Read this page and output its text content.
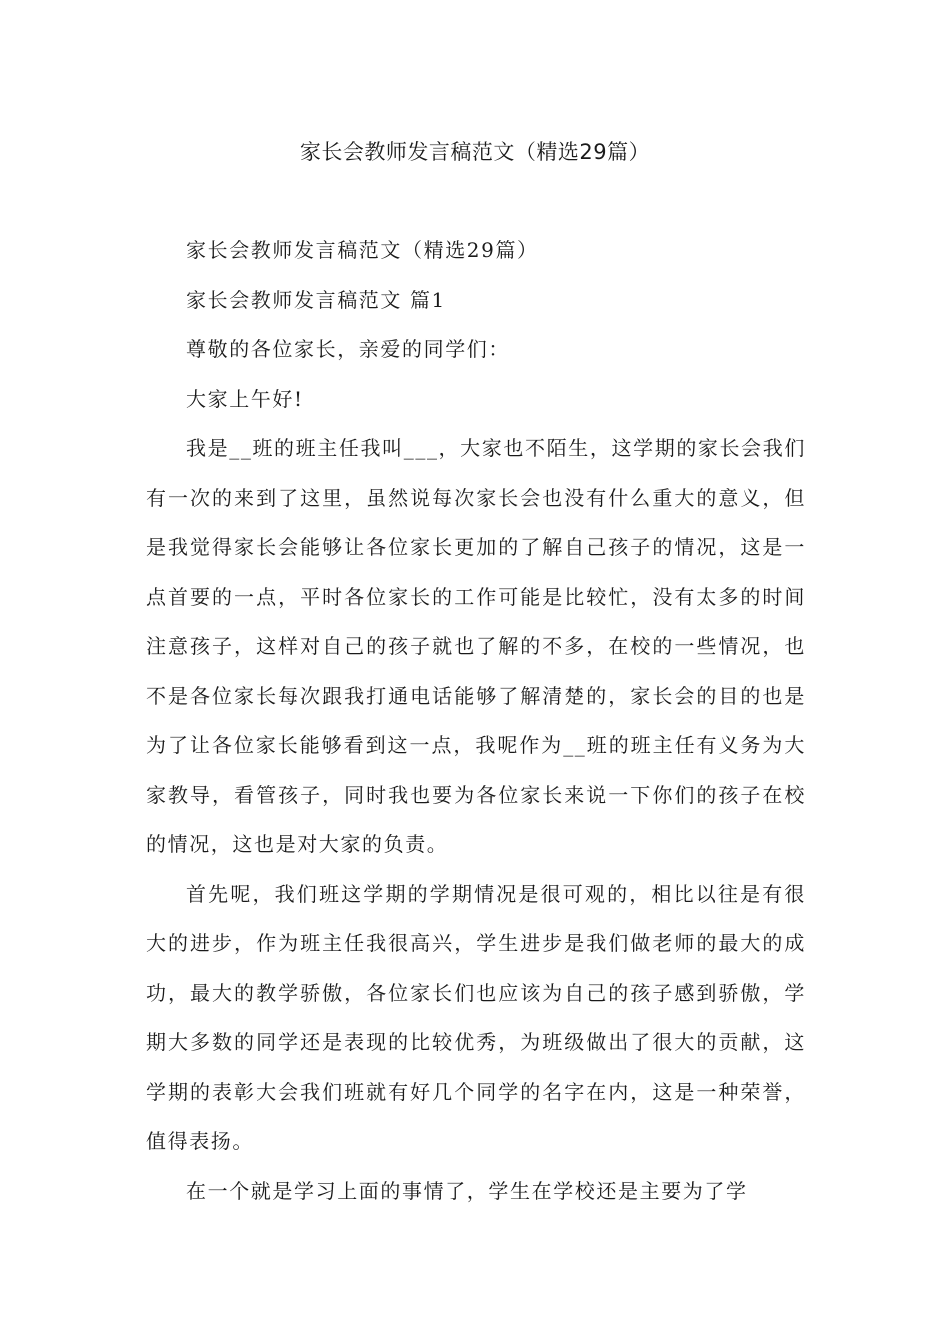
家长会教师发言稿范文（精选29篇）

家长会教师发言稿范文（精选29篇）

家长会教师发言稿范文 篇1

尊敬的各位家长，亲爱的同学们：

大家上午好!

我是__班的班主任我叫___，大家也不陌生，这学期的家长会我们有一次的来到了这里，虽然说每次家长会也没有什么重大的意义，但是我觉得家长会能够让各位家长更加的了解自己孩子的情况，这是一点首要的一点，平时各位家长的工作可能是比较忙，没有太多的时间注意孩子，这样对自己的孩子就也了解的不多，在校的一些情况，也不是各位家长每次跟我打通电话能够了解清楚的，家长会的目的也是为了让各位家长能够看到这一点，我呢作为__班的班主任有义务为大家教导，看管孩子，同时我也要为各位家长来说一下你们的孩子在校的情况，这也是对大家的负责。

首先呢，我们班这学期的学期情况是很可观的，相比以往是有很大的进步，作为班主任我很高兴，学生进步是我们做老师的最大的成功，最大的教学骄傲，各位家长们也应该为自己的孩子感到骄傲，学期大多数的同学还是表现的比较优秀，为班级做出了很大的贡献，这学期的表彰大会我们班就有好几个同学的名字在内，这是一种荣誉，值得表扬。

在一个就是学习上面的事情了，学生在学校还是主要为了学
